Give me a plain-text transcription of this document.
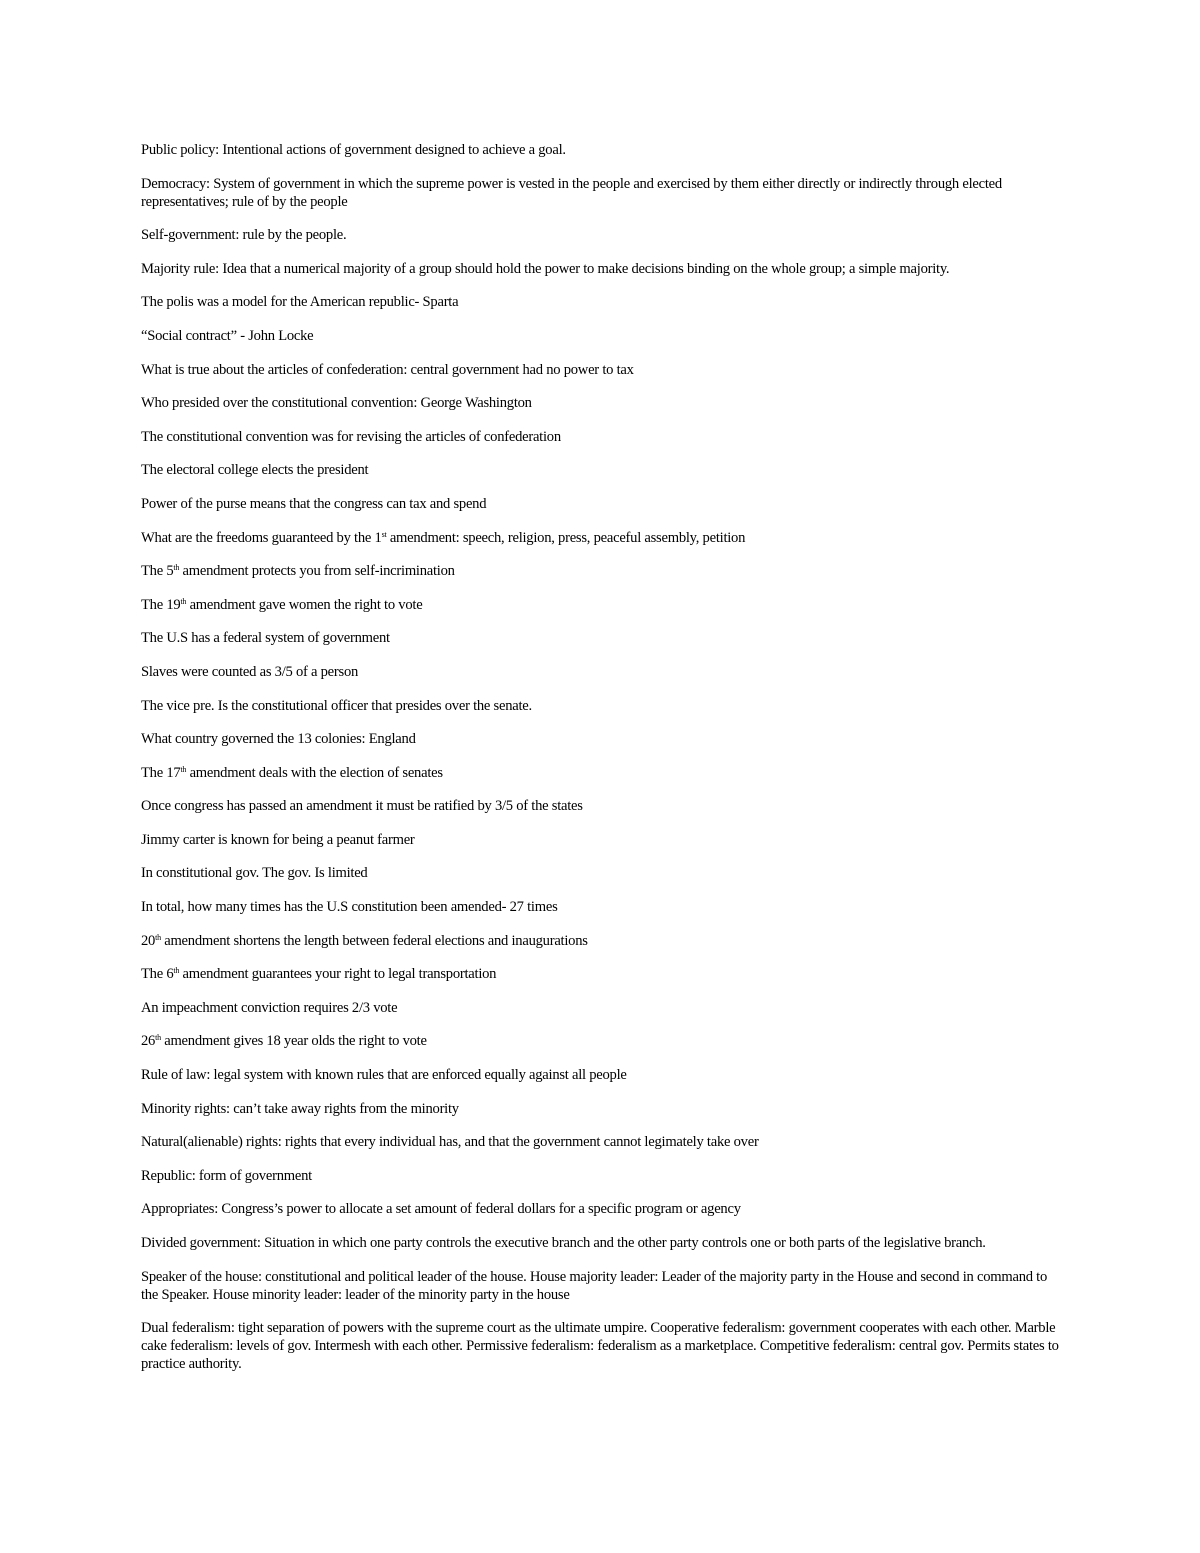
Public policy: Intentional actions of government designed to achieve a goal.

Democracy: System of government in which the supreme power is vested in the people and exercised by them either directly or indirectly through elected representatives; rule of by the people

Self-government: rule by the people.

Majority rule: Idea that a numerical majority of a group should hold the power to make decisions binding on the whole group; a simple majority.

The polis was a model for the American republic- Sparta

“Social contract” - John Locke

What is true about the articles of confederation: central government had no power to tax

Who presided over the constitutional convention: George Washington

The constitutional convention was for revising the articles of confederation

The electoral college elects the president

Power of the purse means that the congress can tax and spend

What are the freedoms guaranteed by the 1st amendment: speech, religion, press, peaceful assembly, petition

The 5th amendment protects you from self-incrimination

The 19th amendment gave women the right to vote

The U.S has a federal system of government

Slaves were counted as 3/5 of a person

The vice pre. Is the constitutional officer that presides over the senate.

What country governed the 13 colonies: England

The 17th amendment deals with the election of senates

Once congress has passed an amendment it must be ratified by 3/5 of the states

Jimmy carter is known for being a peanut farmer

In constitutional gov. The gov. Is limited

In total, how many times has the U.S constitution been amended- 27 times

20th amendment shortens the length between federal elections and inaugurations

The 6th amendment guarantees your right to legal transportation

An impeachment conviction requires 2/3 vote

26th amendment gives 18 year olds the right to vote

Rule of law: legal system with known rules that are enforced equally against all people

Minority rights: can’t take away rights from the minority

Natural(alienable) rights: rights that every individual has, and that the government cannot legimately take over

Republic: form of government

Appropriates: Congress’s power to allocate a set amount of federal dollars for a specific program or agency

Divided government: Situation in which one party controls the executive branch and the other party controls one or both parts of the legislative branch.

Speaker of the house: constitutional and political leader of the house. House majority leader: Leader of the majority party in the House and second in command to the Speaker. House minority leader: leader of the minority party in the house

Dual federalism: tight separation of powers with the supreme court as the ultimate umpire. Cooperative federalism: government cooperates with each other. Marble cake federalism: levels of gov. Intermesh with each other. Permissive federalism: federalism as a marketplace. Competitive federalism: central gov. Permits states to practice authority.
